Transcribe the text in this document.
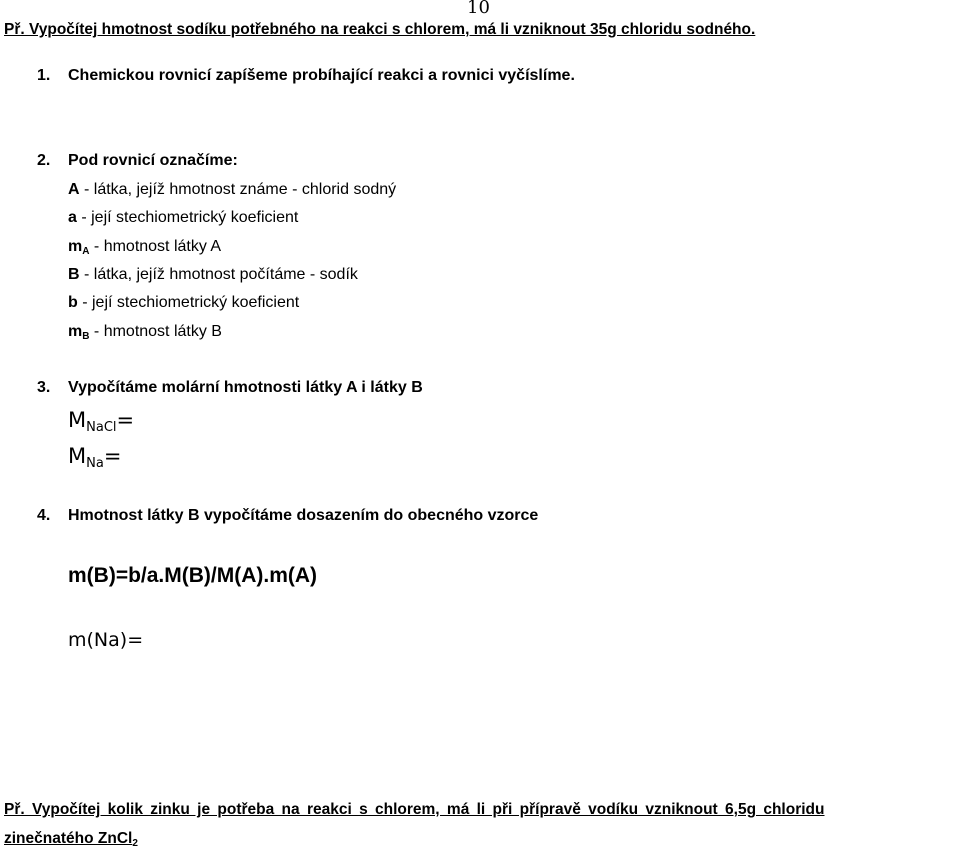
10
Př. Vypočítej hmotnost sodíku potřebného na reakci s chlorem, má li vzniknout 35g chloridu sodného.
1. Chemickou rovnicí zapíšeme probíhající reakci a rovnici vyčíslíme.
2. Pod rovnicí označíme:
A - látka, jejíž hmotnost známe - chlorid sodný
a - její stechiometrický koeficient
mA - hmotnost látky A
B - látka, jejíž hmotnost počítáme - sodík
b - její stechiometrický koeficient
mB - hmotnost látky B
3. Vypočítáme molární hmotnosti látky A i látky B
MNaCl=
MNa=
4. Hmotnost látky B vypočítáme dosazením do obecného vzorce
m(B)=b/a.M(B)/M(A).m(A)
m(Na)=
Př. Vypočítej kolik zinku je potřeba na reakci s chlorem, má li při přípravě vodíku vzniknout 6,5g chloridu
zinečnatého ZnCl2
